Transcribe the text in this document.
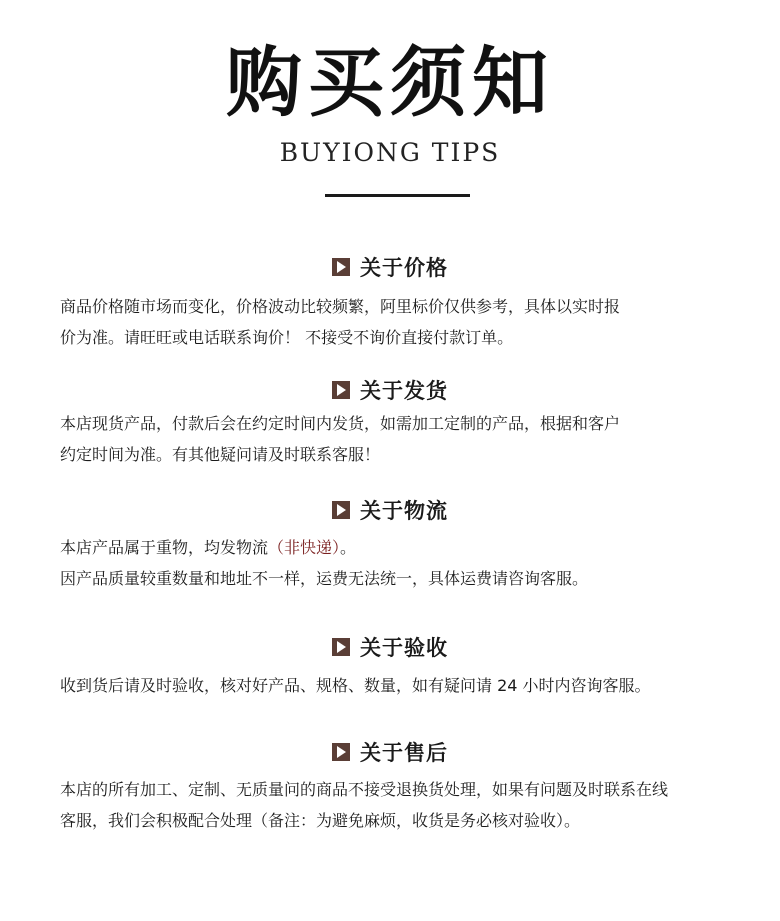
购买须知
BUYIONG TIPS
关于价格

商品价格随市场而变化，价格波动比较频繁，阿里标价仅供参考，具体以实时报

价为准。请旺旺或电话联系询价！ 不接受不询价直接付款订单。

关于发货

本店现货产品，付款后会在约定时间内发货，如需加工定制的产品，根据和客户

约定时间为准。有其他疑问请及时联系客服！

关于物流

本店产品属于重物，均发物流（非快递）。

因产品质量较重数量和地址不一样，运费无法统一，具体运费请咨询客服。

关于验收

收到货后请及时验收，核对好产品、规格、数量，如有疑问请 24 小时内咨询客服。

关于售后

本店的所有加工、定制、无质量问的商品不接受退换货处理，如果有问题及时联系在线

客服，我们会积极配合处理（备注：为避免麻烦，收货是务必核对验收）。
